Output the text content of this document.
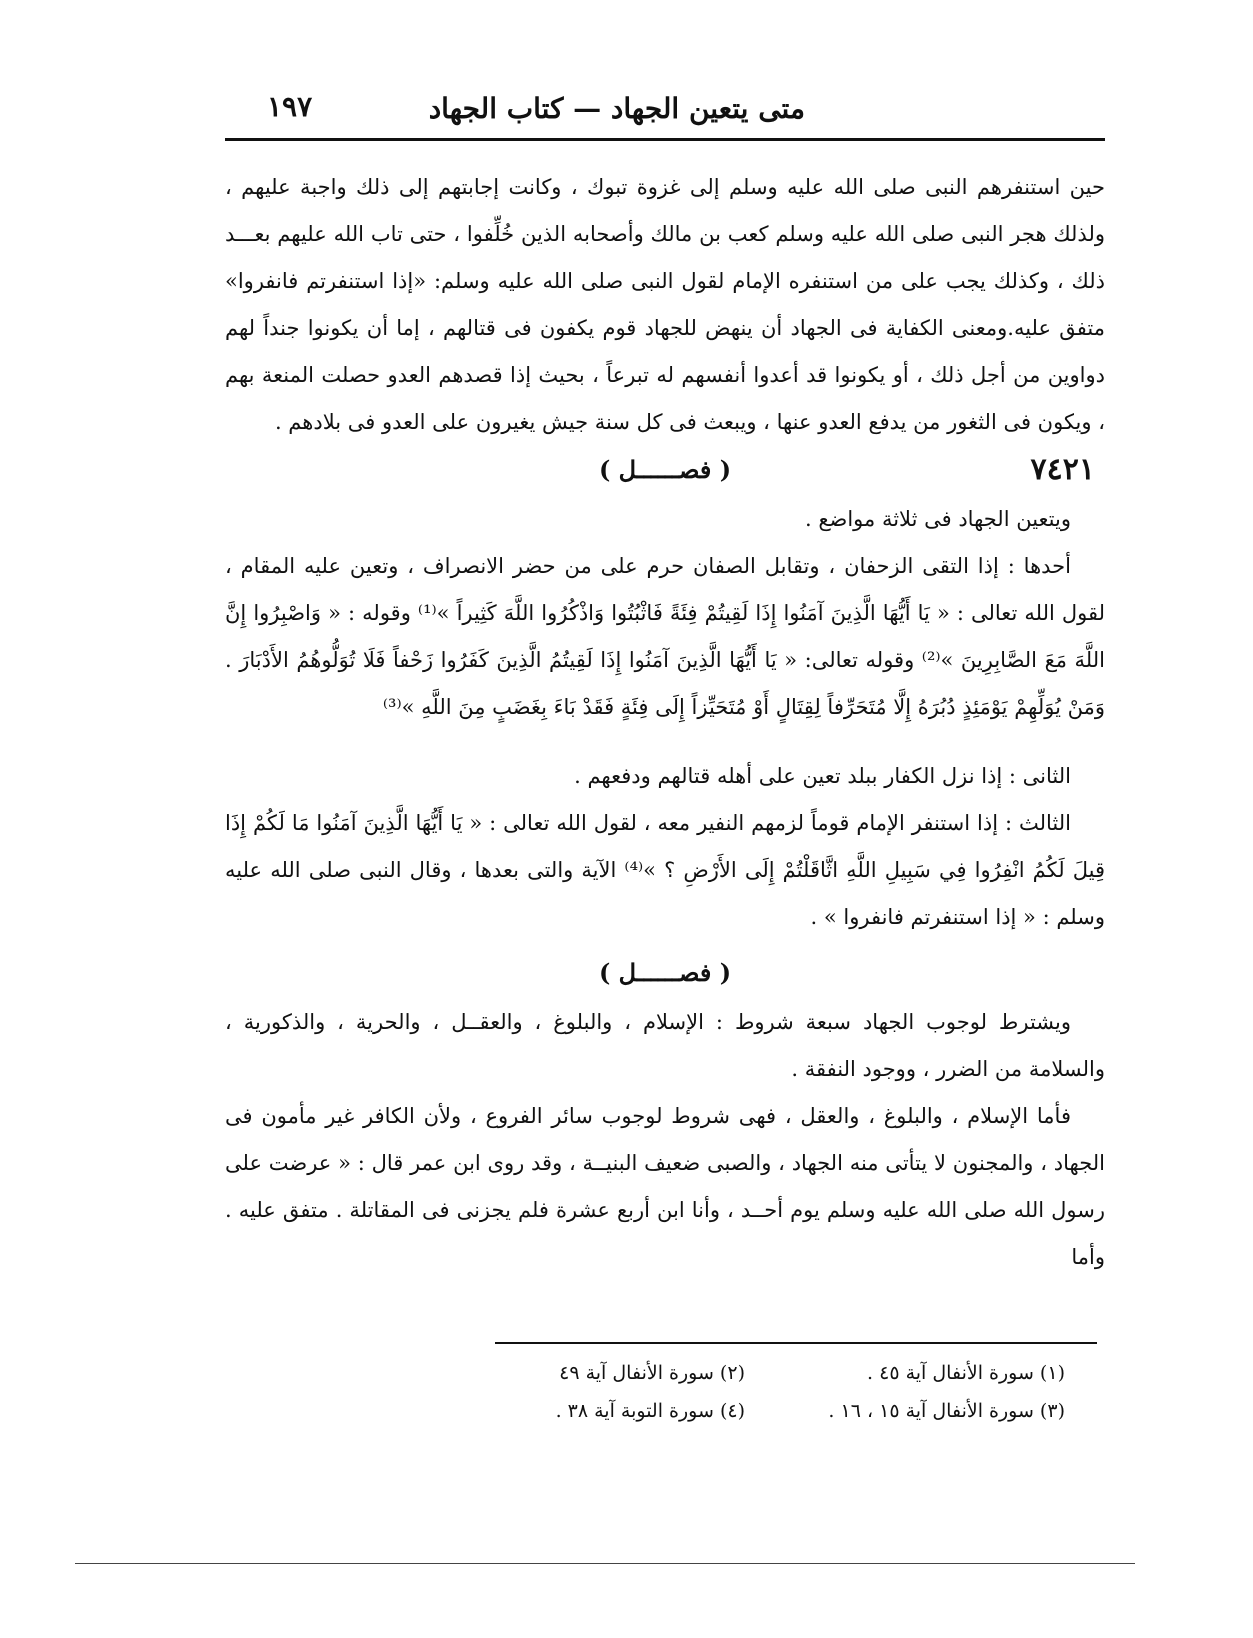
متى يتعين الجهاد — كتاب الجهاد
١٩٧

حين استنفرهم النبى صلى الله عليه وسلم إلى غزوة تبوك ، وكانت إجابتهم إلى ذلك واجبة عليهم ، ولذلك هجر النبى صلى الله عليه وسلم كعب بن مالك وأصحابه الذين خُلِّفوا ، حتى تاب الله عليهم بعـــد ذلك ، وكذلك يجب على من استنفره الإمام لقول النبى صلى الله عليه وسلم: «إذا استنفرتم فانفروا» متفق عليه.ومعنى الكفاية فى الجهاد أن ينهض للجهاد قوم يكفون فى قتالهم ، إما أن يكونوا جنداً لهم دواوين من أجل ذلك ، أو يكونوا قد أعدوا أنفسهم له تبرعاً ، بحيث إذا قصدهم العدو حصلت المنعة بهم ، ويكون فى الثغور من يدفع العدو عنها ، ويبعث فى كل سنة جيش يغيرون على العدو فى بلادهم .

٧٤٢١
( فصــــــل )

ويتعين الجهاد فى ثلاثة مواضع .

أحدها : إذا التقى الزحفان ، وتقابل الصفان حرم على من حضر الانصراف ، وتعين عليه المقام ، لقول الله تعالى : « يَا أَيُّهَا الَّذِينَ آمَنُوا إِذَا لَقِيتُمْ فِئَةً فَاثْبُتُوا وَاذْكُرُوا اللَّهَ كَثِيراً »⁽¹⁾ وقوله : « وَاصْبِرُوا إِنَّ اللَّهَ مَعَ الصَّابِرِينَ »⁽²⁾ وقوله تعالى: « يَا أَيُّهَا الَّذِينَ آمَنُوا إِذَا لَقِيتُمُ الَّذِينَ كَفَرُوا زَحْفاً فَلَا تُوَلُّوهُمُ الأَدْبَارَ . وَمَنْ يُوَلِّهِمْ يَوْمَئِذٍ دُبُرَهُ إِلَّا مُتَحَرِّفاً لِقِتَالٍ أَوْ مُتَحَيِّزاً إِلَى فِئَةٍ فَقَدْ بَاءَ بِغَضَبٍ مِنَ اللَّهِ »⁽³⁾

الثانى : إذا نزل الكفار ببلد تعين على أهله قتالهم ودفعهم .

الثالث : إذا استنفر الإمام قوماً لزمهم النفير معه ، لقول الله تعالى : « يَا أَيُّهَا الَّذِينَ آمَنُوا مَا لَكُمْ إِذَا قِيلَ لَكُمُ انْفِرُوا فِي سَبِيلِ اللَّهِ اثَّاقَلْتُمْ إِلَى الأَرْضِ ؟ »⁽⁴⁾ الآية والتى بعدها ، وقال النبى صلى الله عليه وسلم : « إذا استنفرتم فانفروا » .

( فصــــــل )

ويشترط لوجوب الجهاد سبعة شروط : الإسلام ، والبلوغ ، والعقــل ، والحرية ، والذكورية ، والسلامة من الضرر ، ووجود النفقة .

فأما الإسلام ، والبلوغ ، والعقل ، فهى شروط لوجوب سائر الفروع ، ولأن الكافر غير مأمون فى الجهاد ، والمجنون لا يتأتى منه الجهاد ، والصبى ضعيف البنيــة ، وقد روى ابن عمر قال : « عرضت على رسول الله صلى الله عليه وسلم يوم أحــد ، وأنا ابن أربع عشرة فلم يجزنى فى المقاتلة . متفق عليه . وأما

(١) سورة الأنفال آية ٤٥ .
(٢) سورة الأنفال آية ٤٩
(٣) سورة الأنفال آية ١٥ ، ١٦ .
(٤) سورة التوبة آية ٣٨ .
